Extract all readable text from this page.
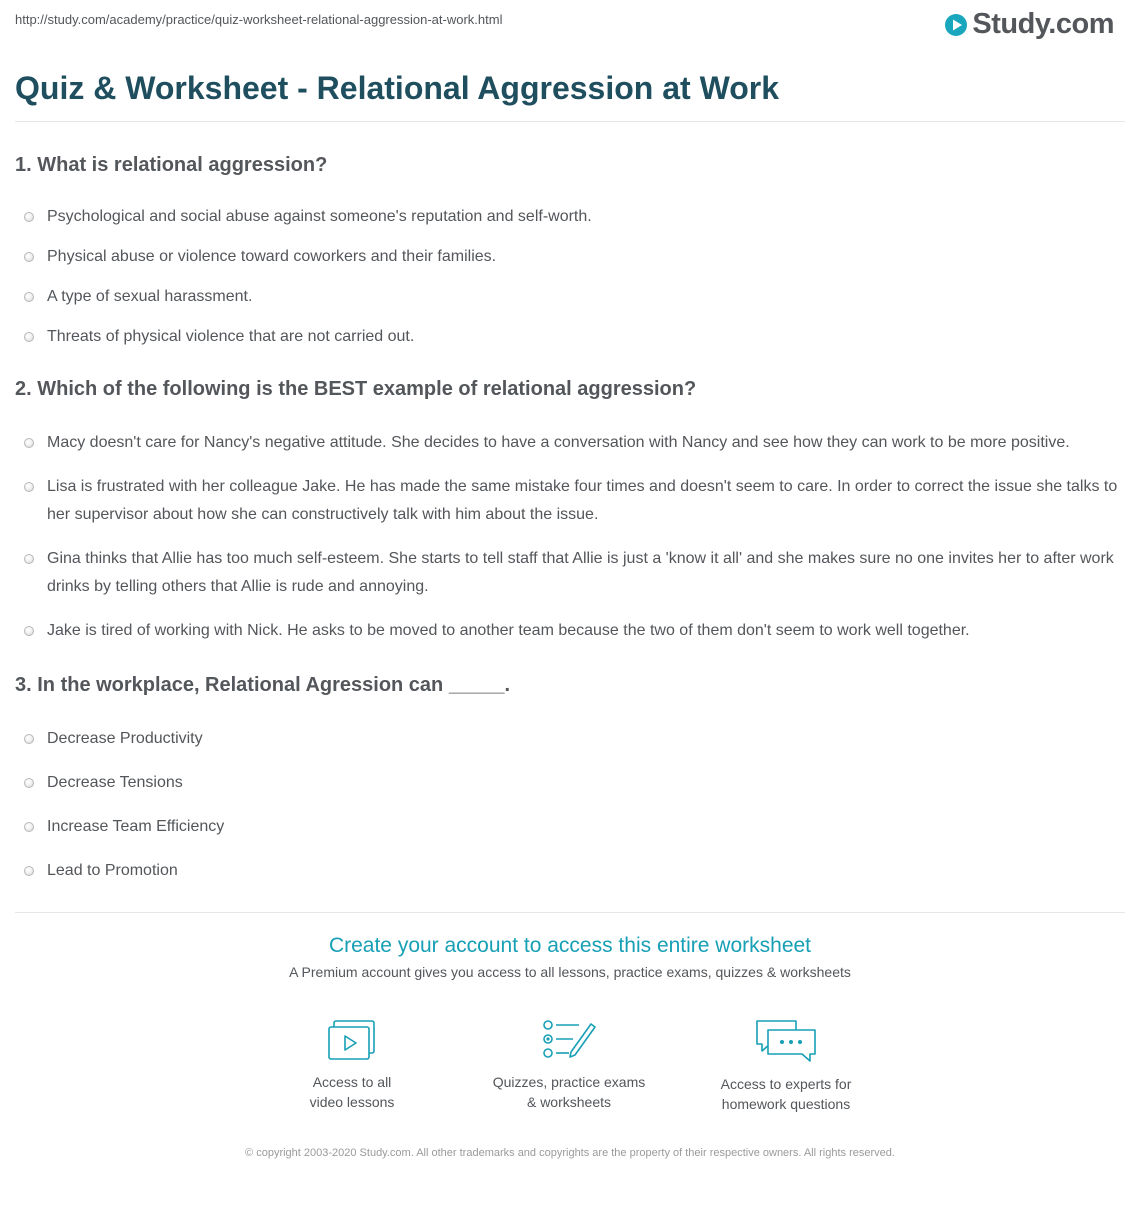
http://study.com/academy/practice/quiz-worksheet-relational-aggression-at-work.html	Study.com
Quiz & Worksheet - Relational Aggression at Work
1. What is relational aggression?
Psychological and social abuse against someone's reputation and self-worth.
Physical abuse or violence toward coworkers and their families.
A type of sexual harassment.
Threats of physical violence that are not carried out.
2. Which of the following is the BEST example of relational aggression?
Macy doesn't care for Nancy's negative attitude. She decides to have a conversation with Nancy and see how they can work to be more positive.
Lisa is frustrated with her colleague Jake. He has made the same mistake four times and doesn't seem to care. In order to correct the issue she talks to her supervisor about how she can constructively talk with him about the issue.
Gina thinks that Allie has too much self-esteem. She starts to tell staff that Allie is just a 'know it all' and she makes sure no one invites her to after work drinks by telling others that Allie is rude and annoying.
Jake is tired of working with Nick. He asks to be moved to another team because the two of them don't seem to work well together.
3. In the workplace, Relational Agression can _____.
Decrease Productivity
Decrease Tensions
Increase Team Efficiency
Lead to Promotion
Create your account to access this entire worksheet

A Premium account gives you access to all lessons, practice exams, quizzes & worksheets

Access to all
video lessons
Quizzes, practice exams
& worksheets
Access to experts for
homework questions
© copyright 2003-2020 Study.com. All other trademarks and copyrights are the property of their respective owners. All rights reserved.
